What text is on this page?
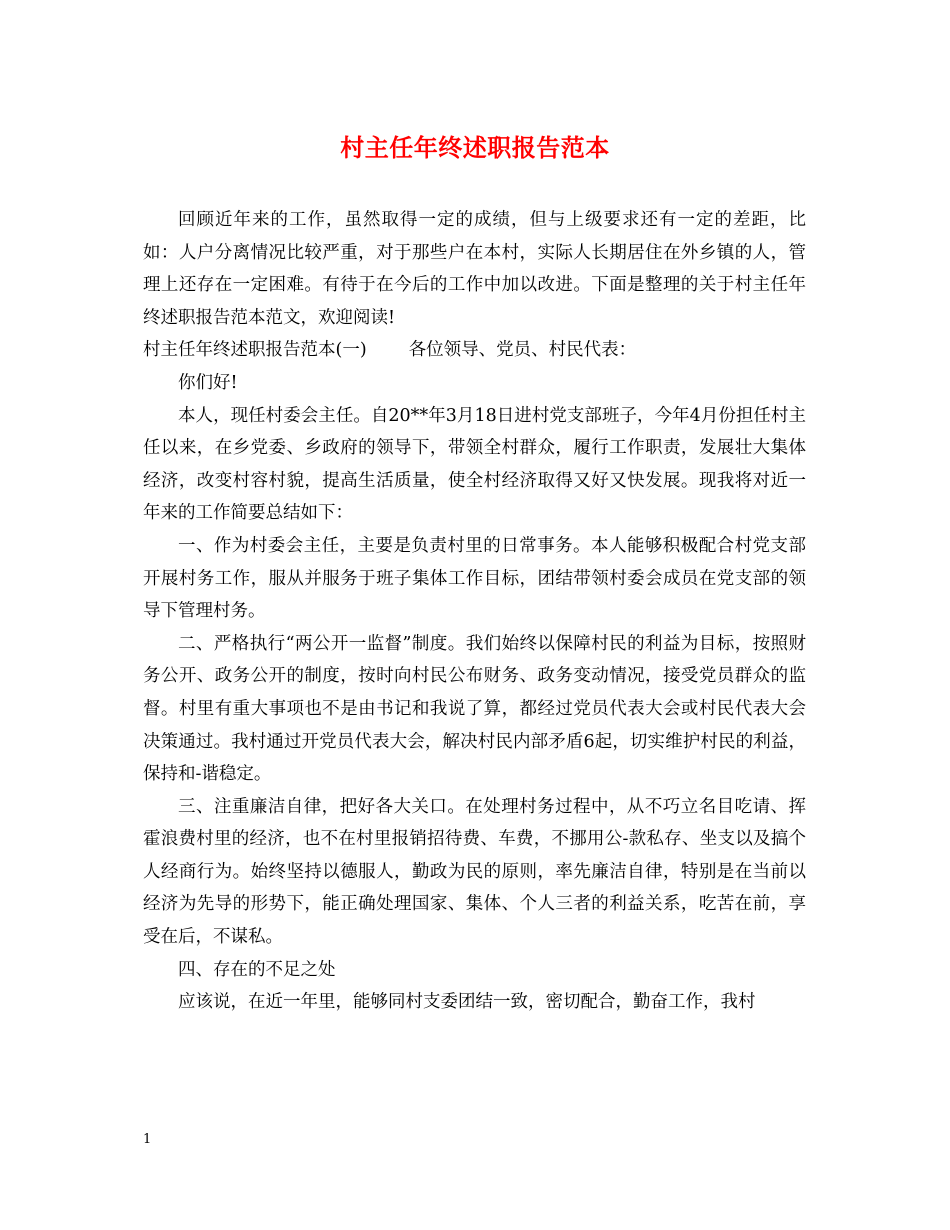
村主任年终述职报告范本

回顾近年来的工作，虽然取得一定的成绩，但与上级要求还有一定的差距，比如：人户分离情况比较严重，对于那些户在本村，实际人长期居住在外乡镇的人，管理上还存在一定困难。有待于在今后的工作中加以改进。下面是整理的关于村主任年终述职报告范本范文，欢迎阅读!

村主任年终述职报告范本(一) 各位领导、党员、村民代表：

你们好!

本人，现任村委会主任。自20**年3月18日进村党支部班子，今年4月份担任村主任以来，在乡党委、乡政府的领导下，带领全村群众，履行工作职责，发展壮大集体经济，改变村容村貌，提高生活质量，使全村经济取得又好又快发展。现我将对近一年来的工作简要总结如下：

一、作为村委会主任，主要是负责村里的日常事务。本人能够积极配合村党支部开展村务工作，服从并服务于班子集体工作目标，团结带领村委会成员在党支部的领导下管理村务。

二、严格执行“两公开一监督”制度。我们始终以保障村民的利益为目标，按照财务公开、政务公开的制度，按时向村民公布财务、政务变动情况，接受党员群众的监督。村里有重大事项也不是由书记和我说了算，都经过党员代表大会或村民代表大会决策通过。我村通过开党员代表大会，解决村民内部矛盾6起，切实维护村民的利益，保持和-谐稳定。

三、注重廉洁自律，把好各大关口。在处理村务过程中，从不巧立名目吃请、挥霍浪费村里的经济，也不在村里报销招待费、车费，不挪用公-款私存、坐支以及搞个人经商行为。始终坚持以德服人，勤政为民的原则，率先廉洁自律，特别是在当前以经济为先导的形势下，能正确处理国家、集体、个人三者的利益关系，吃苦在前，享受在后，不谋私。

四、存在的不足之处

应该说，在近一年里，能够同村支委团结一致，密切配合，勤奋工作，我村

1
